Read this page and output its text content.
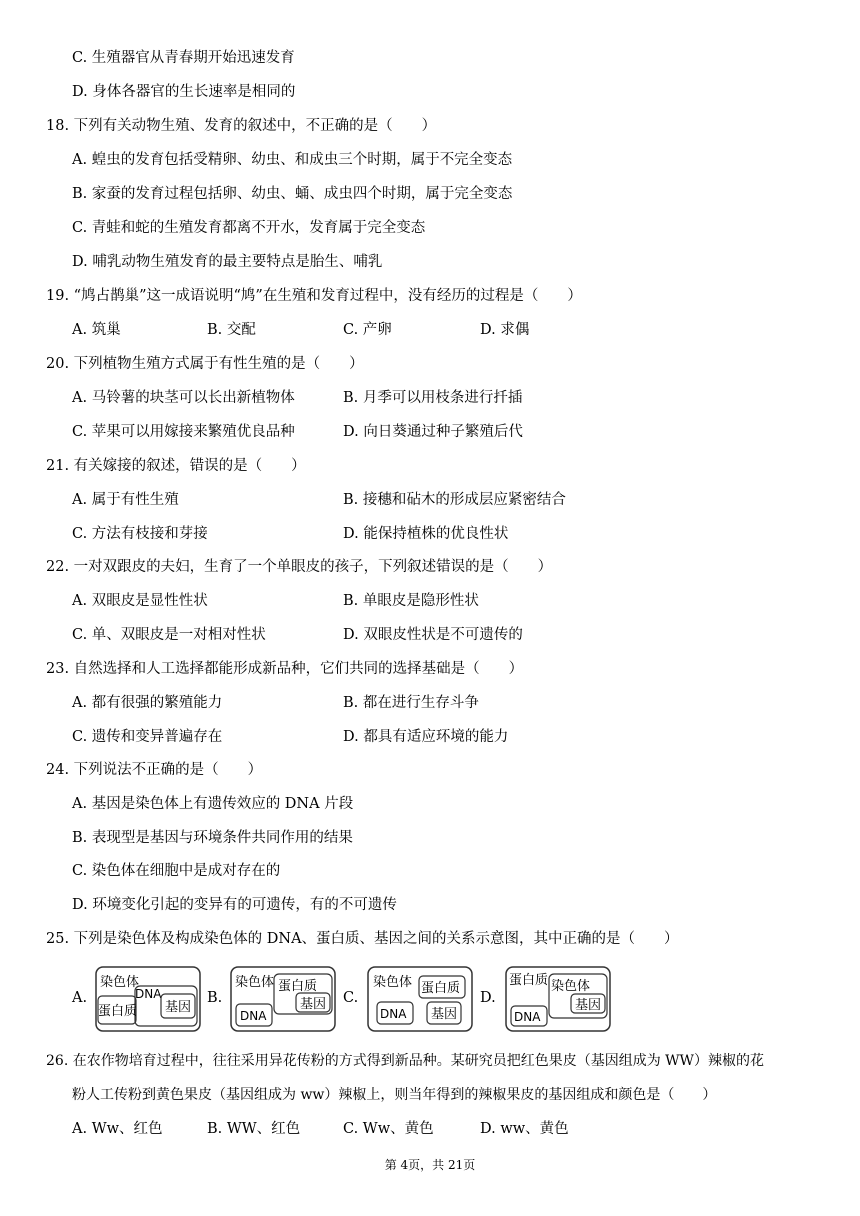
C. 生殖器官从青春期开始迅速发育
D. 身体各器官的生长速率是相同的
18. 下列有关动物生殖、发育的叙述中，不正确的是（　　）
A. 蝗虫的发育包括受精卵、幼虫、和成虫三个时期，属于不完全变态
B. 家蚕的发育过程包括卵、幼虫、蛹、成虫四个时期，属于完全变态
C. 青蛙和蛇的生殖发育都离不开水，发育属于完全变态
D. 哺乳动物生殖发育的最主要特点是胎生、哺乳
19. “鸠占鹊巢”这一成语说明“鸠”在生殖和发育过程中，没有经历的过程是（　　）
A. 筑巢	B. 交配	C. 产卵	D. 求偶
20. 下列植物生殖方式属于有性生殖的是（　　）
A. 马铃薯的块茎可以长出新植物体	B. 月季可以用枝条进行扦插
C. 苹果可以用嫁接来繁殖优良品种	D. 向日葵通过种子繁殖后代
21. 有关嫁接的叙述，错误的是（　　）
A. 属于有性生殖	B. 接穗和砧木的形成层应紧密结合
C. 方法有枝接和芽接	D. 能保持植株的优良性状
22. 一对双跟皮的夫妇，生育了一个单眼皮的孩子，下列叙述错误的是（　　）
A. 双眼皮是显性性状	B. 单眼皮是隐形性状
C. 单、双眼皮是一对相对性状	D. 双眼皮性状是不可遗传的
23. 自然选择和人工选择都能形成新品种，它们共同的选择基础是（　　）
A. 都有很强的繁殖能力	B. 都在进行生存斗争
C. 遗传和变异普遍存在	D. 都具有适应环境的能力
24. 下列说法不正确的是（　　）
A. 基因是染色体上有遗传效应的 DNA 片段
B. 表现型是基因与环境条件共同作用的结果
C. 染色体在细胞中是成对存在的
D. 环境变化引起的变异有的可遗传，有的不可遗传
25. 下列是染色体及构成染色体的 DNA、蛋白质、基因之间的关系示意图，其中正确的是（　　）
A.
染色体
DNA
基因
蛋白质
B.
染色体 蛋白质
基因
DNA
C.
染色体 蛋白质
DNA 基因
D.
蛋白质 染色体
基因
DNA
26. 在农作物培育过程中，往往采用异花传粉的方式得到新品种。某研究员把红色果皮（基因组成为 WW）辣椒的花
粉人工传粉到黄色果皮（基因组成为 ww）辣椒上，则当年得到的辣椒果皮的基因组成和颜色是（　　）
A. Ww、红色	B. WW、红色	C. Ww、黄色	D. ww、黄色
第 4页，共 21页
